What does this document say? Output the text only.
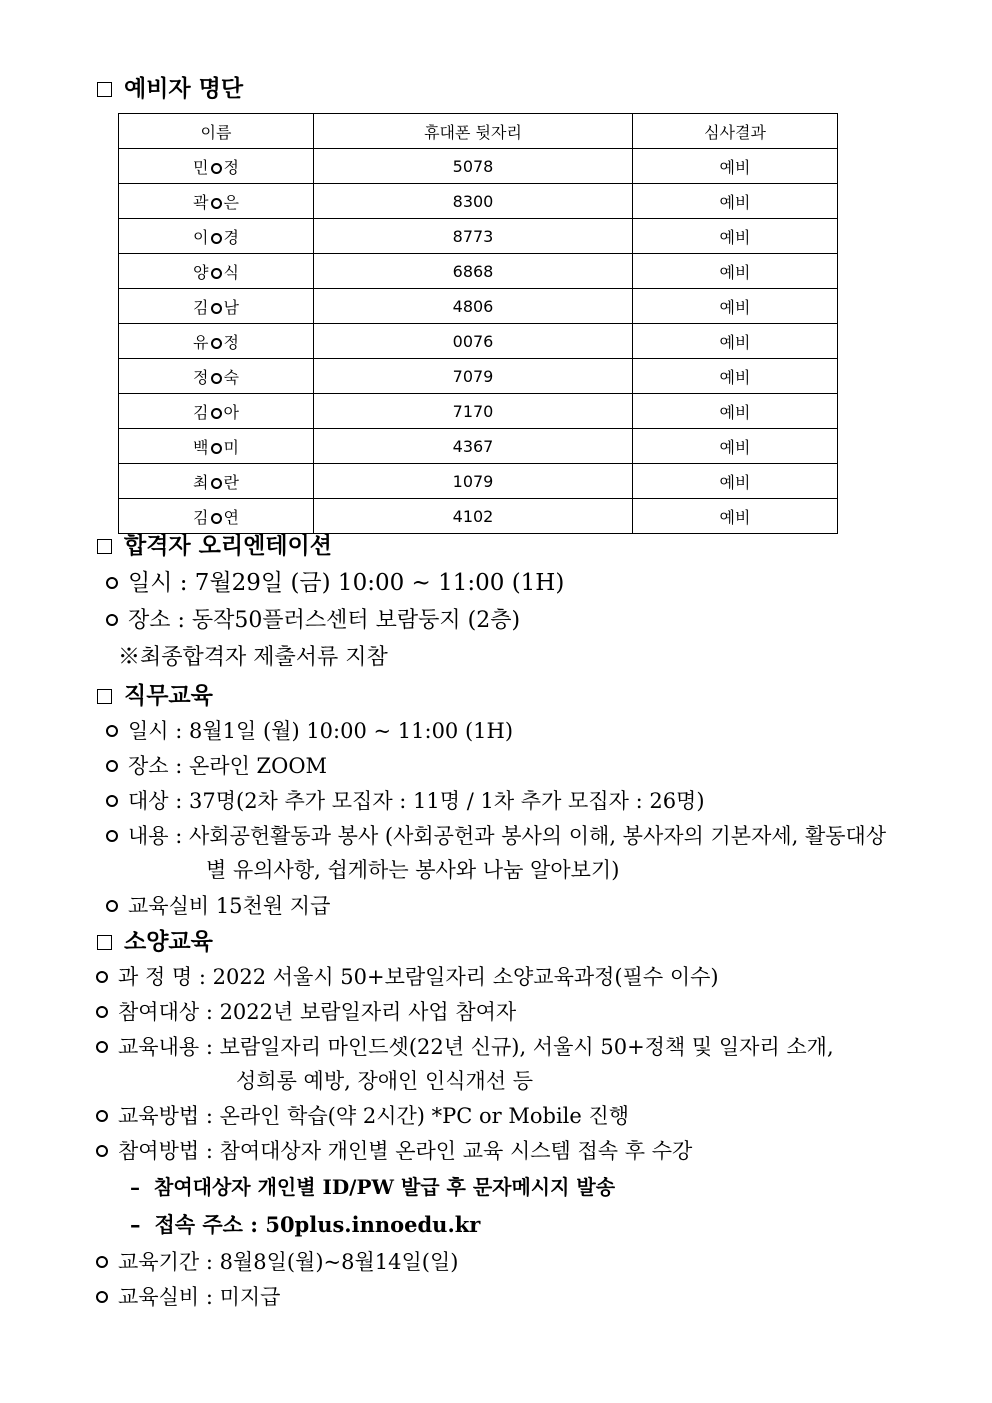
예비자 명단
이름	휴대폰 뒷자리	심사결과
민 정	5078	예비
곽 은	8300	예비
이 경	8773	예비
양 식	6868	예비
김 남	4806	예비
유 정	0076	예비
정 숙	7079	예비
김 아	7170	예비
백 미	4367	예비
최 란	1079	예비
김 연	4102	예비
합격자 오리엔테이션
일시 : 7월29일 (금) 10:00 ~ 11:00 (1H)
장소 : 동작50플러스센터 보람둥지 (2층)
※최종합격자 제출서류 지참
직무교육
일시 : 8월1일 (월) 10:00 ~ 11:00 (1H)
장소 : 온라인 ZOOM
대상 : 37명(2차 추가 모집자 : 11명 / 1차 추가 모집자 : 26명)
내용 : 사회공헌활동과 봉사 (사회공헌과 봉사의 이해, 봉사자의 기본자세, 활동대상
별 유의사항, 쉽게하는 봉사와 나눔 알아보기)
교육실비 15천원 지급
소양교육
과 정 명 : 2022 서울시 50+보람일자리 소양교육과정(필수 이수)
참여대상 : 2022년 보람일자리 사업 참여자
교육내용 : 보람일자리 마인드셋(22년 신규), 서울시 50+정책 및 일자리 소개,
성희롱 예방, 장애인 인식개선 등
교육방법 : 온라인 학습(약 2시간) *PC or Mobile 진행
참여방법 : 참여대상자 개인별 온라인 교육 시스템 접속 후 수강
– 참여대상자 개인별 ID/PW 발급 후 문자메시지 발송
– 접속 주소 : 50plus.innoedu.kr
교육기간 : 8월8일(월)~8월14일(일)
교육실비 : 미지급
